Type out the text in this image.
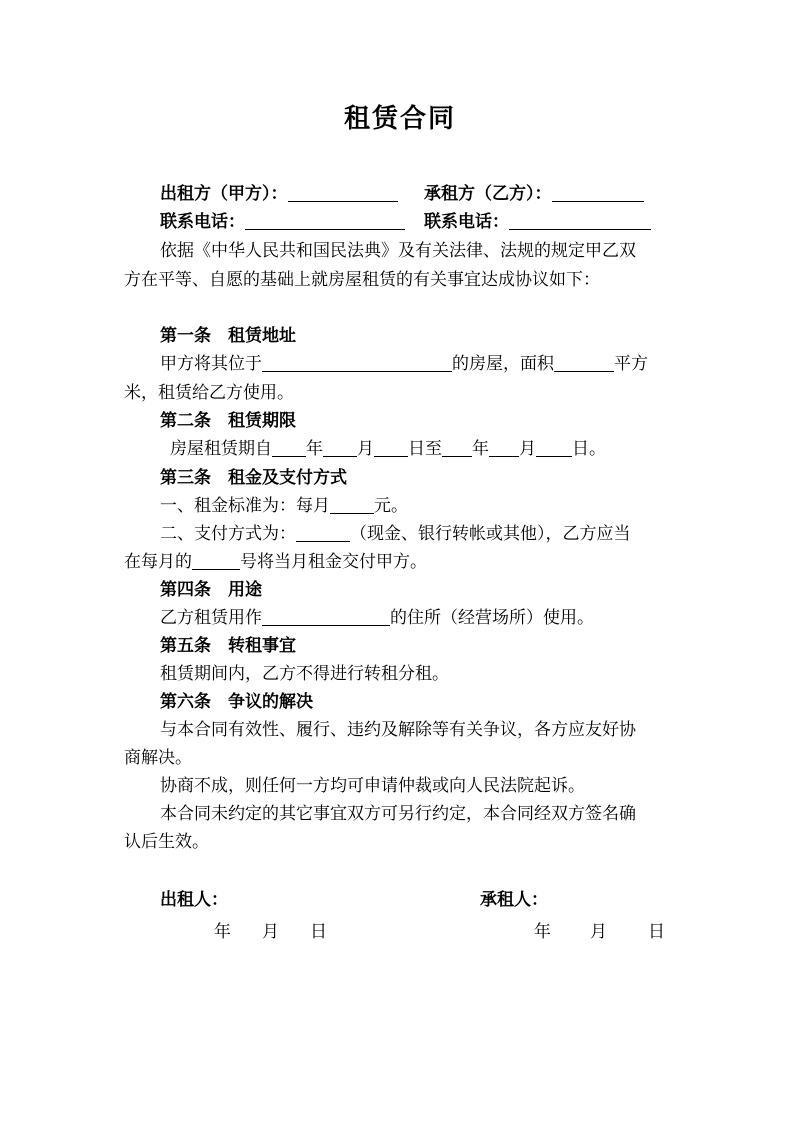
租赁合同
出租方（甲方）：	承租方（乙方）：
联系电话：	联系电话：
依据《中华人民共和国民法典》及有关法律、法规的规定甲乙双
方在平等、自愿的基础上就房屋租赁的有关事宜达成协议如下：
第一条　租赁地址
甲方将其位于	的房屋，面积	平方
米，租赁给乙方使用。
第二条　租赁期限
房屋租赁期自 年 月 日至 年 月 日。
第三条　租金及支付方式
一、租金标准为：每月	元。
二、支付方式为：	（现金、银行转帐或其他），乙方应当
在每月的	号将当月租金交付甲方。
第四条　用途
乙方租赁用作	的住所（经营场所）使用。
第五条　转租事宜
租赁期间内，乙方不得进行转租分租。
第六条　争议的解决
与本合同有效性、履行、违约及解除等有关争议，各方应友好协
商解决。
协商不成，则任何一方均可申请仲裁或向人民法院起诉。
本合同未约定的其它事宜双方可另行约定，本合同经双方签名确
认后生效。
出租人：	承租人：
年 月 日	年 月 日
